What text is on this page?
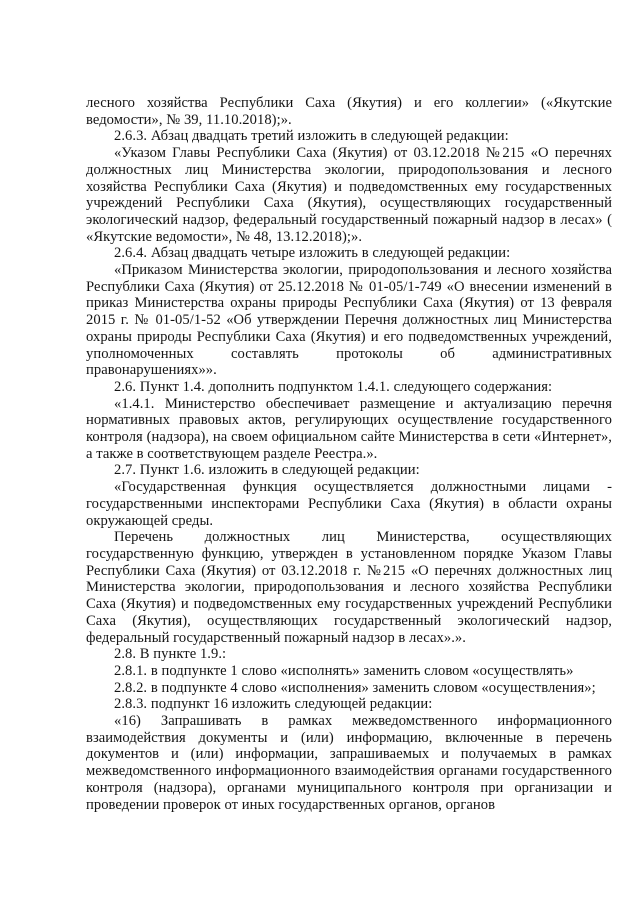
лесного хозяйства Республики Саха (Якутия) и его коллегии» («Якутские ведомости», № 39, 11.10.2018);».

2.6.3. Абзац двадцать третий изложить в следующей редакции:

«Указом Главы Республики Саха (Якутия) от 03.12.2018 №215 «О перечнях должностных лиц Министерства экологии, природопользования и лесного хозяйства Республики Саха (Якутия) и подведомственных ему государственных учреждений Республики Саха (Якутия), осуществляющих государственный экологический надзор, федеральный государственный пожарный надзор в лесах» ( «Якутские ведомости», № 48, 13.12.2018);».

2.6.4. Абзац двадцать четыре изложить в следующей редакции:

«Приказом Министерства экологии, природопользования и лесного хозяйства Республики Саха (Якутия) от 25.12.2018 № 01-05/1-749 «О внесении изменений в приказ Министерства охраны природы Республики Саха (Якутия) от 13 февраля 2015 г. № 01-05/1-52 «Об утверждении Перечня должностных лиц Министерства охраны природы Республики Саха (Якутия) и его подведомственных учреждений, уполномоченных составлять протоколы об административных правонарушениях»».

2.6. Пункт 1.4. дополнить подпунктом 1.4.1. следующего содержания:

«1.4.1. Министерство обеспечивает размещение и актуализацию перечня нормативных правовых актов, регулирующих осуществление государственного контроля (надзора), на своем официальном сайте Министерства в сети «Интернет», а также в соответствующем разделе Реестра.».

2.7. Пункт 1.6. изложить в следующей редакции:

«Государственная функция осуществляется должностными лицами - государственными инспекторами Республики Саха (Якутия) в области охраны окружающей среды.

Перечень должностных лиц Министерства, осуществляющих государственную функцию, утвержден в установленном порядке Указом Главы Республики Саха (Якутия) от 03.12.2018 г. №215 «О перечнях должностных лиц Министерства экологии, природопользования и лесного хозяйства Республики Саха (Якутия) и подведомственных ему государственных учреждений Республики Саха (Якутия), осуществляющих государственный экологический надзор, федеральный государственный пожарный надзор в лесах».».

2.8. В пункте 1.9.:

2.8.1. в подпункте 1 слово «исполнять» заменить словом «осуществлять»

2.8.2. в подпункте 4 слово «исполнения» заменить словом «осуществления»;

2.8.3. подпункт 16 изложить следующей редакции:

«16) Запрашивать в рамках межведомственного информационного взаимодействия документы и (или) информацию, включенные в перечень документов и (или) информации, запрашиваемых и получаемых в рамках межведомственного информационного взаимодействия органами государственного контроля (надзора), органами муниципального контроля при организации и проведении проверок от иных государственных органов, органов
